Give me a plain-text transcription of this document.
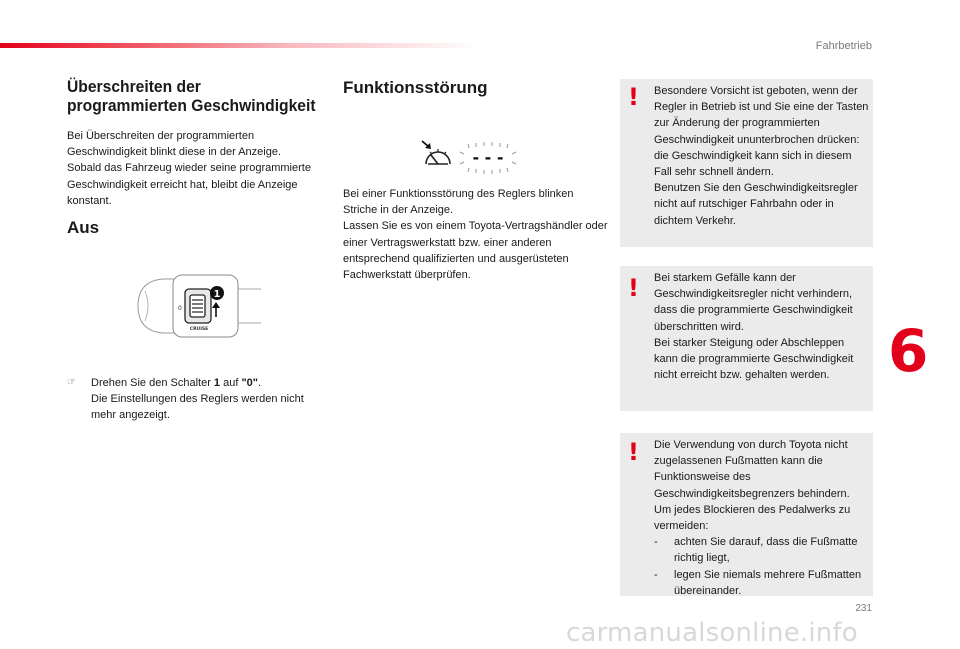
Fahrbetrieb
Überschreiten der
programmierten Geschwindigkeit

Bei Überschreiten der programmierten Geschwindigkeit blinkt diese in der Anzeige. Sobald das Fahrzeug wieder seine programmierte Geschwindigkeit erreicht hat, bleibt die Anzeige konstant.

Aus
1
0
CRUISE
☞ Drehen Sie den Schalter 1 auf "0".
Die Einstellungen des Reglers werden nicht mehr angezeigt.
Funktionsstörung
- - -

Bei einer Funktionsstörung des Reglers blinken Striche in der Anzeige.
Lassen Sie es von einem Toyota-Vertragshändler oder einer Vertragswerkstatt bzw. einer anderen entsprechend qualifizierten und ausgerüsteten Fachwerkstatt überprüfen.

! Besondere Vorsicht ist geboten, wenn der Regler in Betrieb ist und Sie eine der Tasten zur Änderung der programmierten Geschwindigkeit ununterbrochen drücken: die Geschwindigkeit kann sich in diesem Fall sehr schnell ändern.
Benutzen Sie den Geschwindigkeitsregler nicht auf rutschiger Fahrbahn oder in dichtem Verkehr.
! Bei starkem Gefälle kann der Geschwindigkeitsregler nicht verhindern, dass die programmierte Geschwindigkeit überschritten wird.
Bei starker Steigung oder Abschleppen kann die programmierte Geschwindigkeit nicht erreicht bzw. gehalten werden.
! Die Verwendung von durch Toyota nicht zugelassenen Fußmatten kann die Funktionsweise des Geschwindigkeitsbegrenzers behindern.
Um jedes Blockieren des Pedalwerks zu vermeiden:
- achten Sie darauf, dass die Fußmatte richtig liegt,
- legen Sie niemals mehrere Fußmatten übereinander.
6
231
carmanualsonline.info
